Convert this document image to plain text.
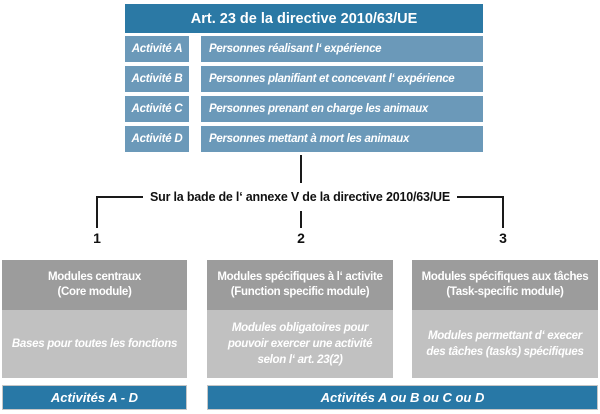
Art. 23 de la directive 2010/63/UE
Activité A	Personnes réalisant l‘ expérience
Activité B	Personnes planifiant et concevant l‘ expérience
Activité C	Personnes prenant en charge les animaux
Activité D	Personnes mettant à mort les animaux
Sur la bade de l‘ annexe V de la directive 2010/63/UE
1	2	3
Modules centraux
(Core module)
Bases pour toutes les fonctions
Modules spécifiques à l‘ activite
(Function specific module)
Modules obligatoires pour pouvoir exercer une activité selon l‘ art. 23(2)
Modules spécifiques aux tâches
(Task-specific module)
Modules permettant d‘ execer des tâches (tasks) spécifiques
Activités A - D	Activités A ou B ou C ou D
